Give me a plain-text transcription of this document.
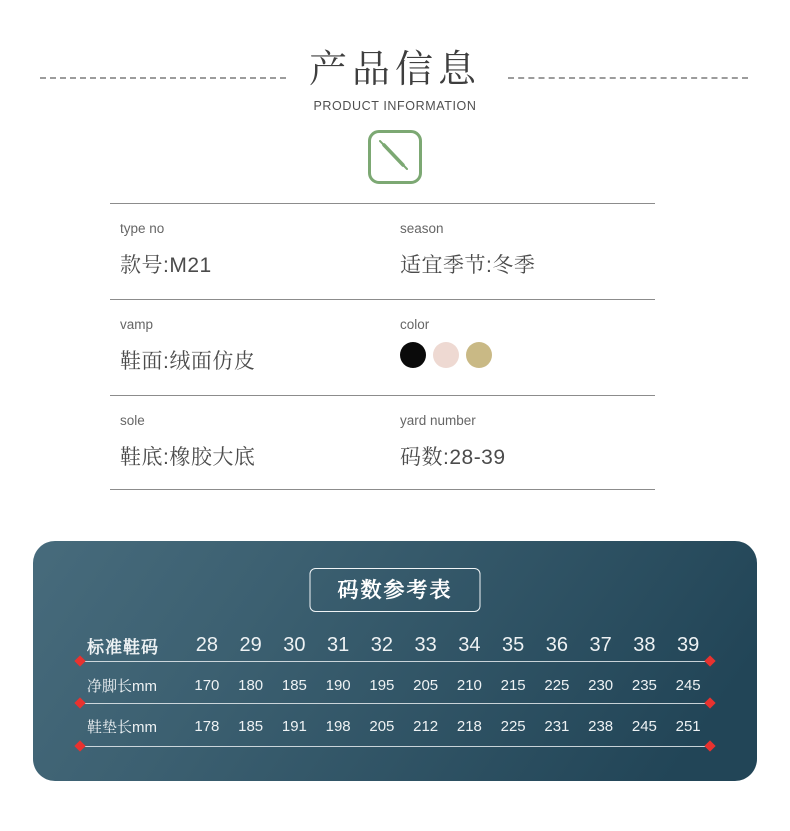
产品信息
PRODUCT INFORMATION
type no
款号:M21
season
适宜季节:冬季
vamp
鞋面:绒面仿皮
color
sole
鞋底:橡胶大底
yard number
码数:28-39
码数参考表
标准鞋码	28	29	30	31	32	33	34	35	36	37	38	39
净脚长mm	170	180	185	190	195	205	210	215	225	230	235	245
鞋垫长mm	178	185	191	198	205	212	218	225	231	238	245	251
